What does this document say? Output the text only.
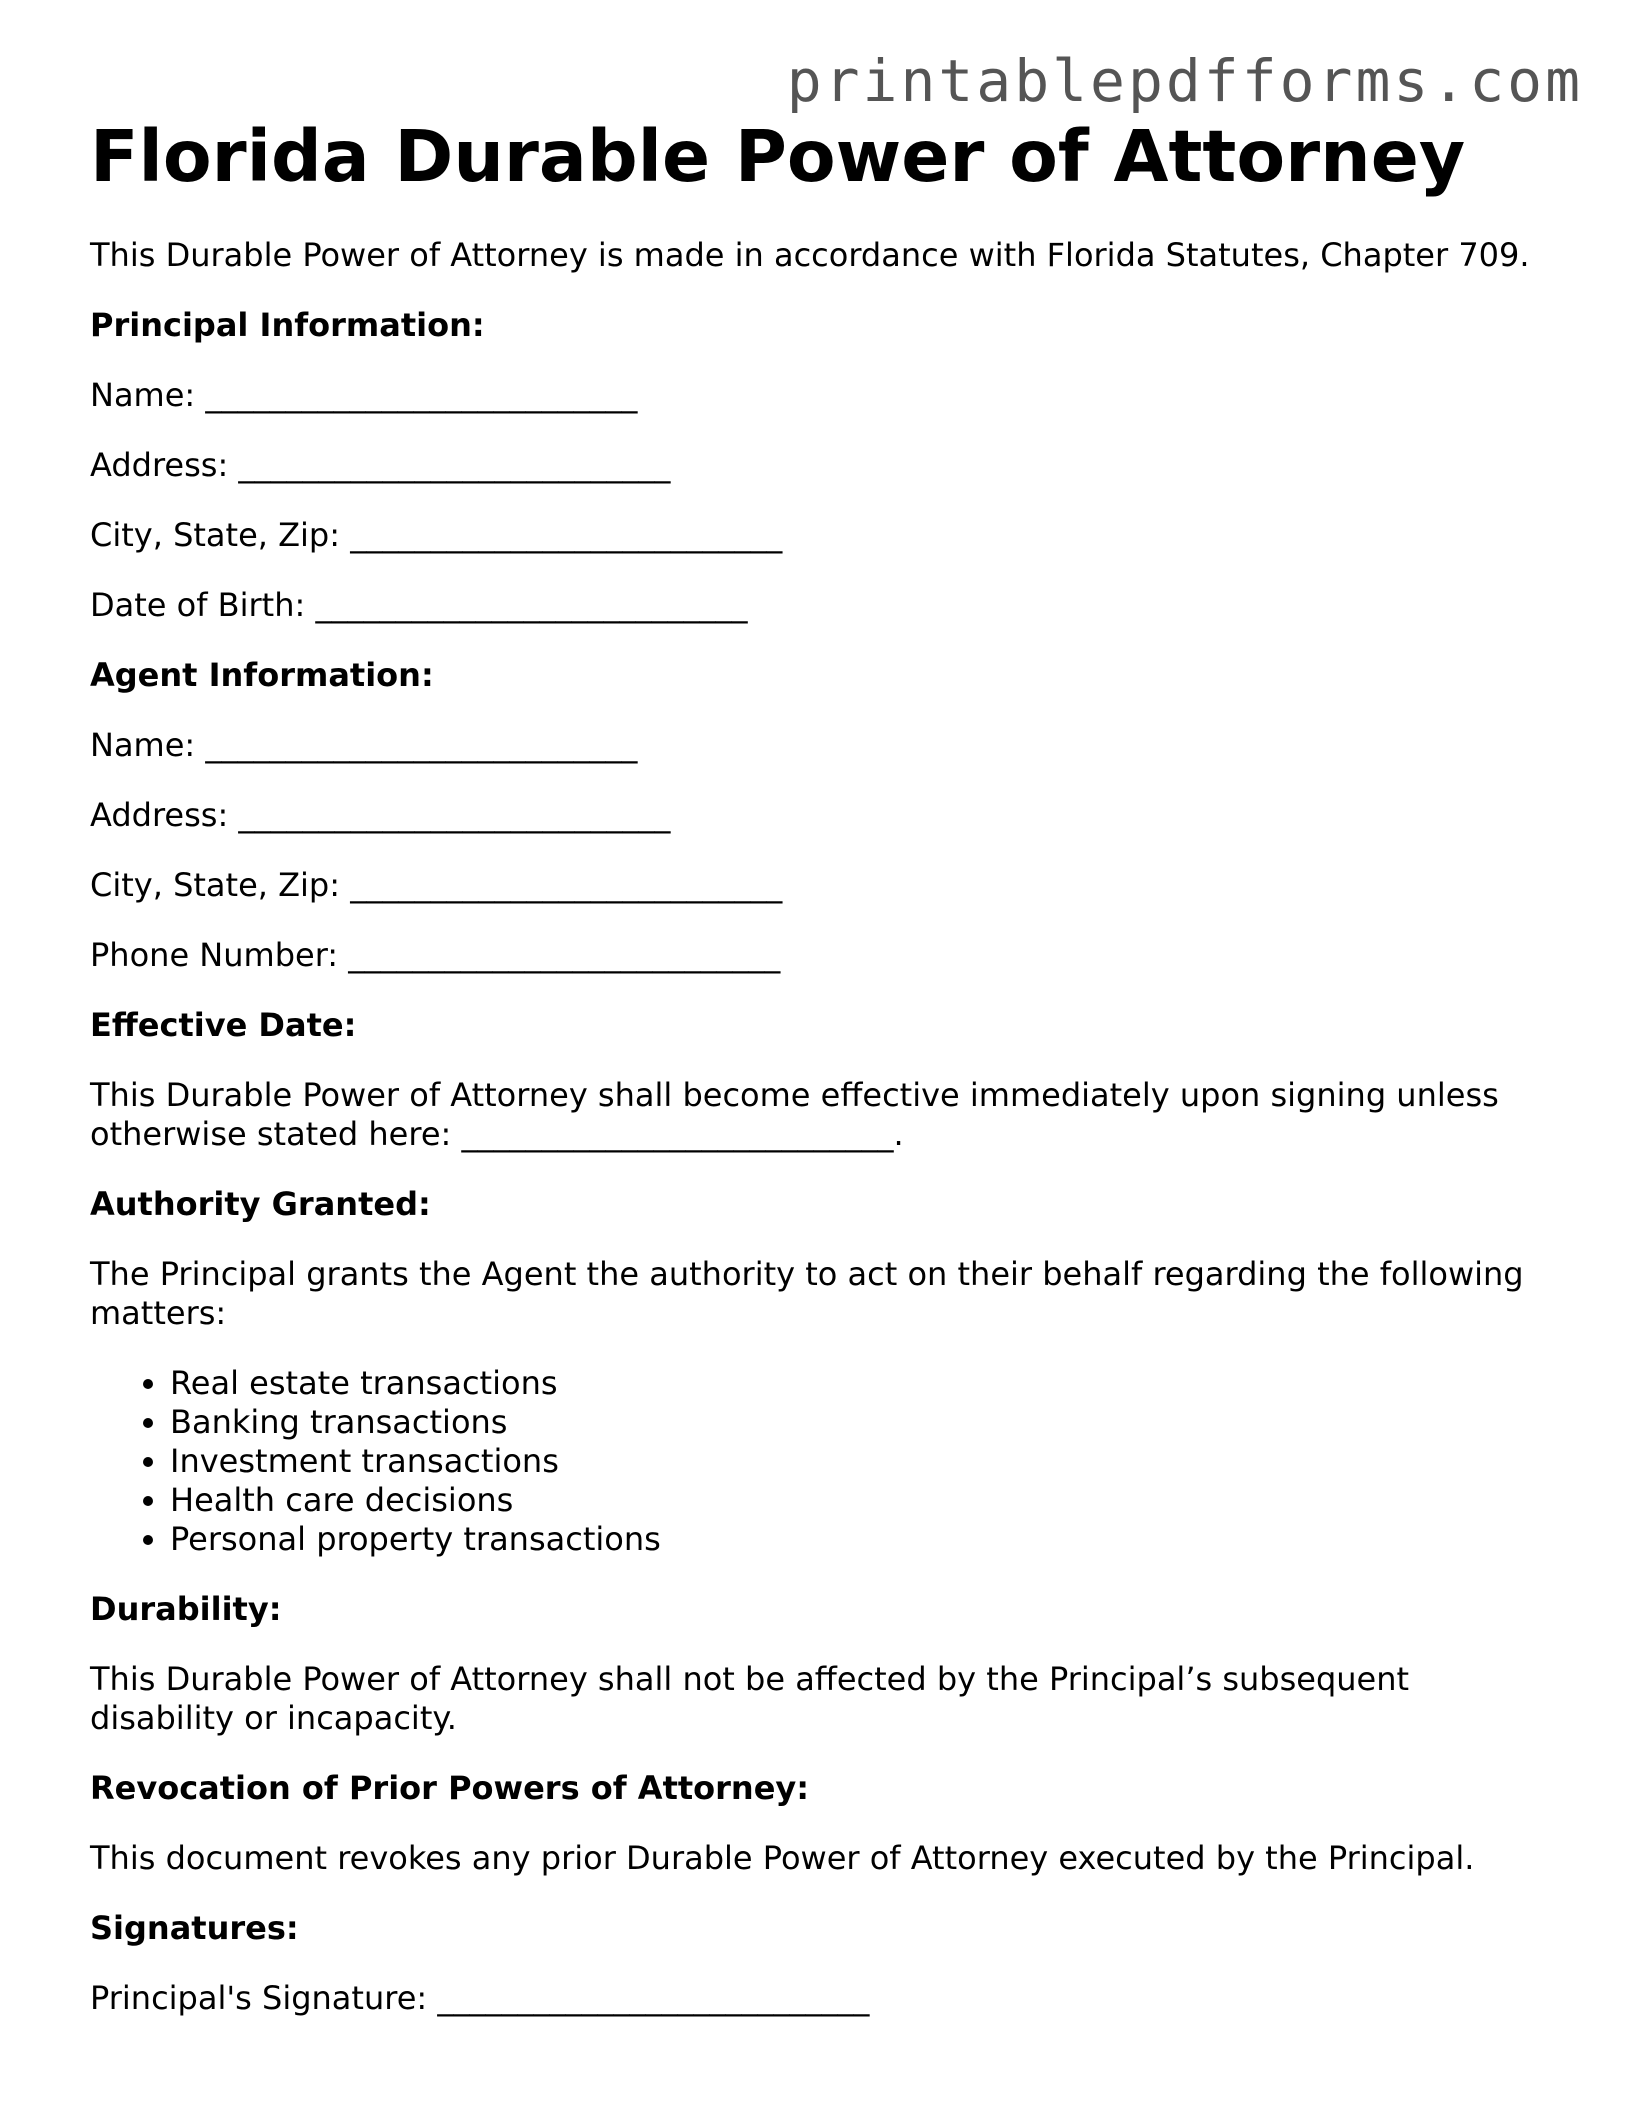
printablepdfforms.com
Florida Durable Power of Attorney

This Durable Power of Attorney is made in accordance with Florida Statutes, Chapter 709.

Principal Information:

Name: ___________________________

Address: ___________________________

City, State, Zip: ___________________________

Date of Birth: ___________________________

Agent Information:

Name: ___________________________

Address: ___________________________

City, State, Zip: ___________________________

Phone Number: ___________________________

Effective Date:

This Durable Power of Attorney shall become effective immediately upon signing unless otherwise stated here: ___________________________.

Authority Granted:

The Principal grants the Agent the authority to act on their behalf regarding the following matters:

• Real estate transactions
• Banking transactions
• Investment transactions
• Health care decisions
• Personal property transactions

Durability:

This Durable Power of Attorney shall not be affected by the Principal’s subsequent disability or incapacity.

Revocation of Prior Powers of Attorney:

This document revokes any prior Durable Power of Attorney executed by the Principal.

Signatures:

Principal's Signature: ___________________________
